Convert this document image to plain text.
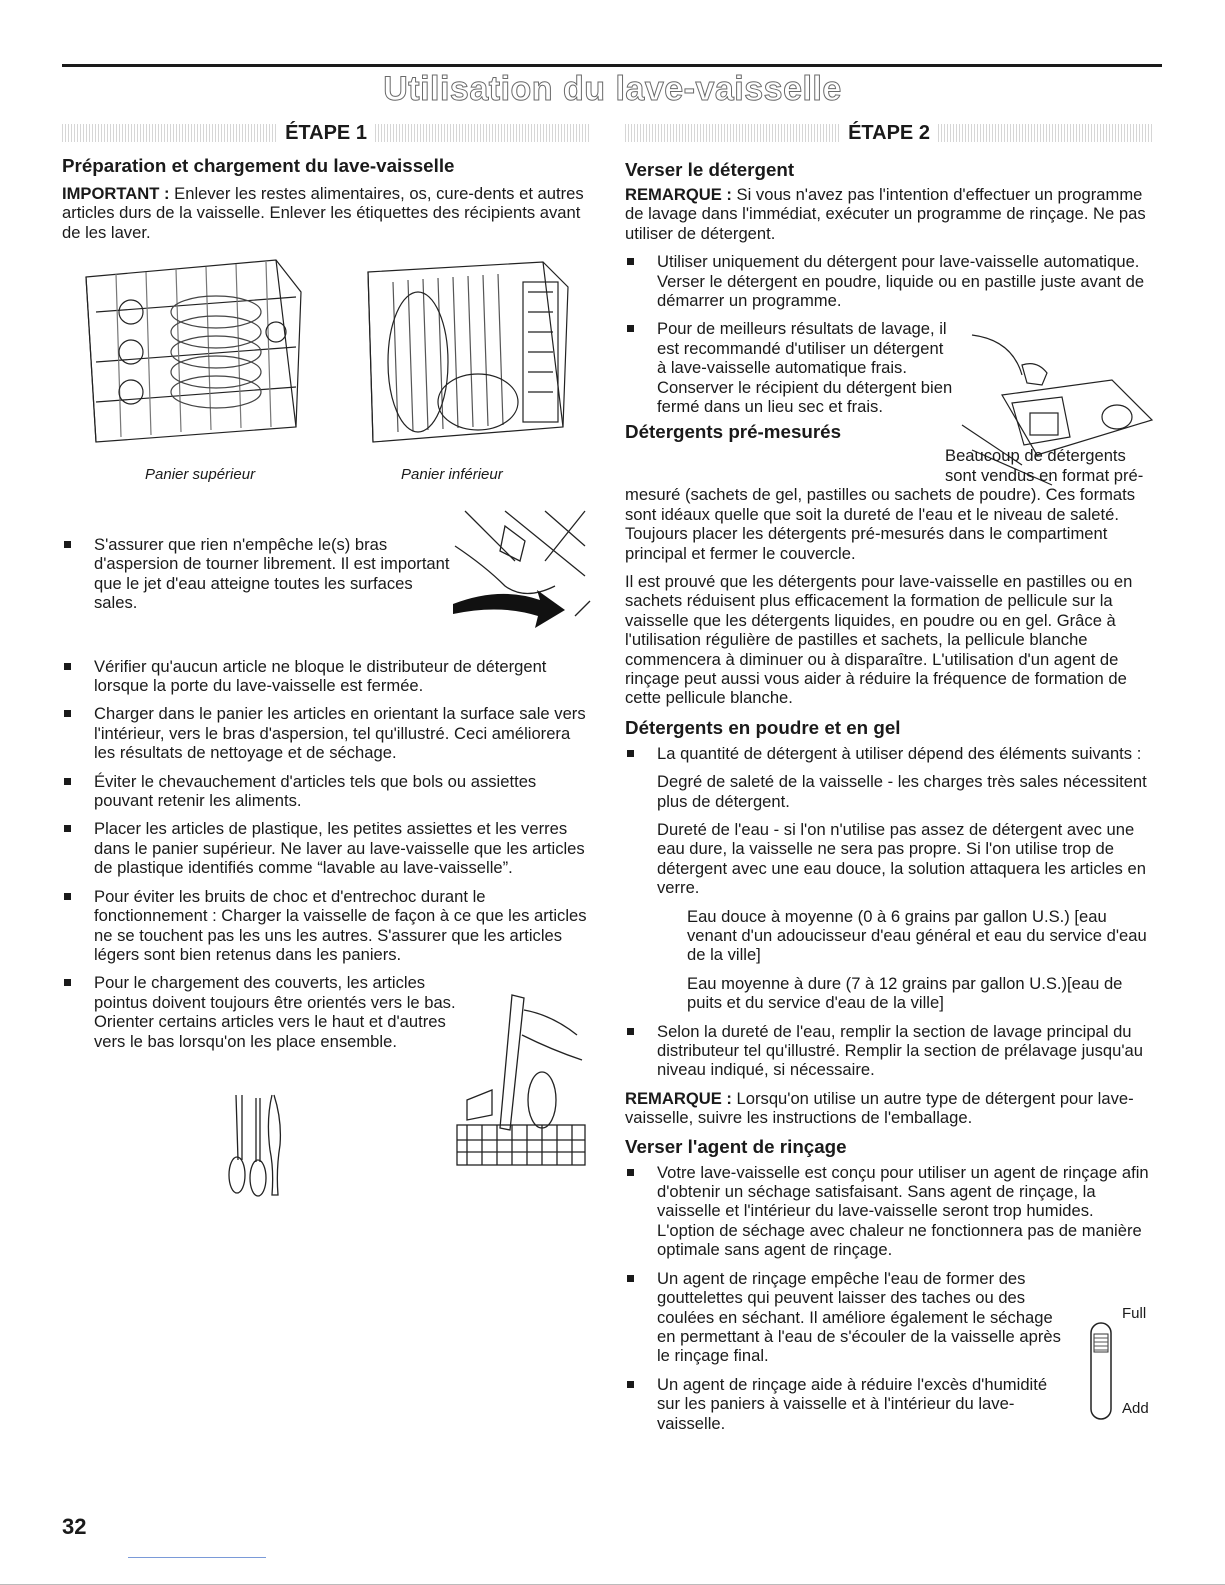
Utilisation du lave-vaisselle
ÉTAPE 1
Préparation et chargement du lave-vaisselle

IMPORTANT : Enlever les restes alimentaires, os, cure-dents et autres articles durs de la vaisselle. Enlever les étiquettes des récipients avant de les laver.

Panier supérieur	Panier inférieur
S'assurer que rien n'empêche le(s) bras d'aspersion de tourner librement. Il est important que le jet d'eau atteigne toutes les surfaces sales.
Vérifier qu'aucun article ne bloque le distributeur de détergent lorsque la porte du lave-vaisselle est fermée.
Charger dans le panier les articles en orientant la surface sale vers l'intérieur, vers le bras d'aspersion, tel qu'illustré. Ceci améliorera les résultats de nettoyage et de séchage.
Éviter le chevauchement d'articles tels que bols ou assiettes pouvant retenir les aliments.
Placer les articles de plastique, les petites assiettes et les verres dans le panier supérieur. Ne laver au lave-vaisselle que les articles de plastique identifiés comme “lavable au lave-vaisselle”.
Pour éviter les bruits de choc et d'entrechoc durant le fonctionnement : Charger la vaisselle de façon à ce que les articles ne se touchent pas les uns les autres. S'assurer que les articles légers sont bien retenus dans les paniers.
Pour le chargement des couverts, les articles pointus doivent toujours être orientés vers le bas. Orienter certains articles vers le haut et d'autres vers le bas lorsqu'on les place ensemble.
ÉTAPE 2
Verser le détergent

REMARQUE : Si vous n'avez pas l'intention d'effectuer un programme de lavage dans l'immédiat, exécuter un programme de rinçage. Ne pas utiliser de détergent.

Utiliser uniquement du détergent pour lave-vaisselle automatique. Verser le détergent en poudre, liquide ou en pastille juste avant de démarrer un programme.
Pour de meilleurs résultats de lavage, il est recommandé d'utiliser un détergent à lave-vaisselle automatique frais. Conserver le récipient du détergent bien fermé dans un lieu sec et frais.
Détergents pré-mesurés

Beaucoup de détergents sont vendus en format pré-mesuré (sachets de gel, pastilles ou sachets de poudre). Ces formats sont idéaux quelle que soit la dureté de l'eau et le niveau de saleté. Toujours placer les détergents pré-mesurés dans le compartiment principal et fermer le couvercle.

Il est prouvé que les détergents pour lave-vaisselle en pastilles ou en sachets réduisent plus efficacement la formation de pellicule sur la vaisselle que les détergents liquides, en poudre ou en gel. Grâce à l'utilisation régulière de pastilles et sachets, la pellicule blanche commencera à diminuer ou à disparaître. L'utilisation d'un agent de rinçage peut aussi vous aider à réduire la fréquence de formation de cette pellicule blanche.

Détergents en poudre et en gel
La quantité de détergent à utiliser dépend des éléments suivants :

Degré de saleté de la vaisselle - les charges très sales nécessitent plus de détergent.

Dureté de l'eau - si l'on n'utilise pas assez de détergent avec une eau dure, la vaisselle ne sera pas propre. Si l'on utilise trop de détergent avec une eau douce, la solution attaquera les articles en verre.

Eau douce à moyenne (0 à 6 grains par gallon U.S.) [eau venant d'un adoucisseur d'eau général et eau du service d'eau de la ville]

Eau moyenne à dure (7 à 12 grains par gallon U.S.)[eau de puits et du service d'eau de la ville]

Selon la dureté de l'eau, remplir la section de lavage principal du distributeur tel qu'illustré. Remplir la section de prélavage jusqu'au niveau indiqué, si nécessaire.

REMARQUE : Lorsqu'on utilise un autre type de détergent pour lave-vaisselle, suivre les instructions de l'emballage.

Verser l'agent de rinçage
Votre lave-vaisselle est conçu pour utiliser un agent de rinçage afin d'obtenir un séchage satisfaisant. Sans agent de rinçage, la vaisselle et l'intérieur du lave-vaisselle seront trop humides. L'option de séchage avec chaleur ne fonctionnera pas de manière optimale sans agent de rinçage.
Un agent de rinçage empêche l'eau de former des gouttelettes qui peuvent laisser des taches ou des coulées en séchant. Il améliore également le séchage en permettant à l'eau de s'écouler de la vaisselle après le rinçage final.
Un agent de rinçage aide à réduire l'excès d'humidité sur les paniers à vaisselle et à l'intérieur du lave-vaisselle.
Full
Add
32
